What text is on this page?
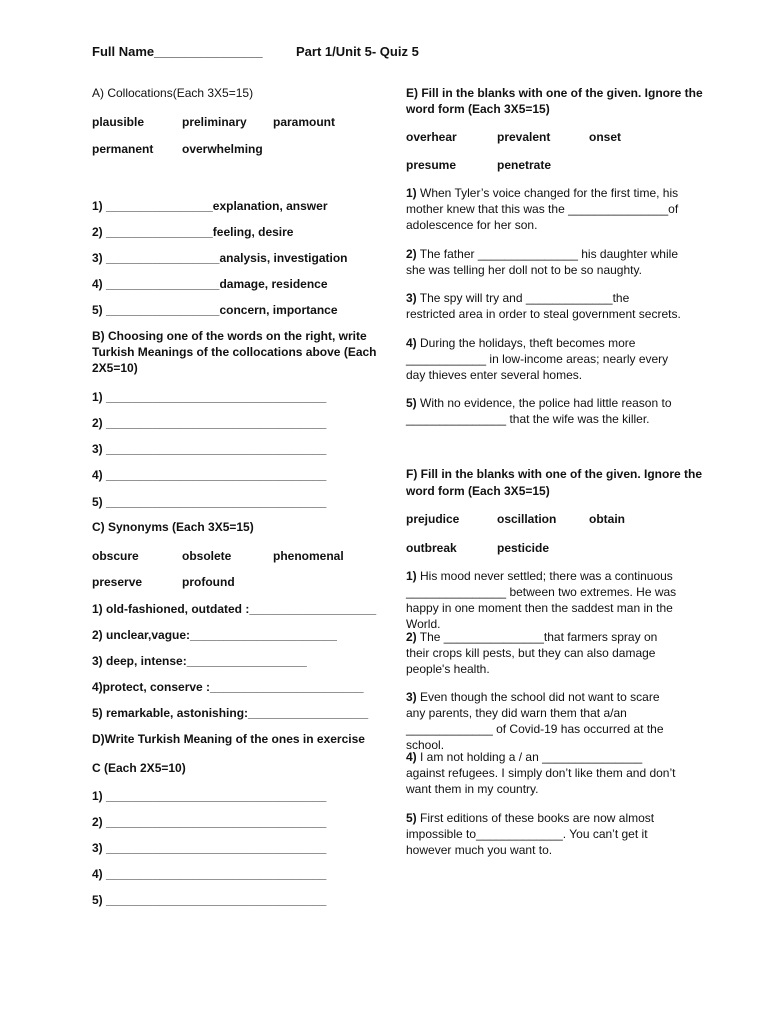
Full Name_______________	Part 1/Unit 5- Quiz 5
A) Collocations(Each 3X5=15)
plausible	preliminary paramount
permanent overwhelming
1) ________________explanation, answer
2) ________________feeling, desire
3) _________________analysis, investigation
4) _________________damage, residence
5) _________________concern, importance
B) Choosing one of the words on the right, write
Turkish Meanings of the collocations above (Each
2X5=10)
1) _________________________________
2) _________________________________
3) _________________________________
4) _________________________________
5) _________________________________
C) Synonyms (Each 3X5=15)
obscure	obsolete	phenomenal
preserve	profound
1) old-fashioned, outdated :___________________
2) unclear,vague:______________________
3) deep, intense:__________________
4)protect, conserve :_______________________
5) remarkable, astonishing:__________________
D)Write Turkish Meaning of the ones in exercise
C (Each 2X5=10)
1) _________________________________
2) _________________________________
3) _________________________________
4) _________________________________
5) _________________________________
E) Fill in the blanks with one of the given. Ignore the
word form (Each 3X5=15)
overhear	prevalent	onset
presume	penetrate
1) When Tyler’s voice changed for the first time, his mother knew that this was the _______________of adolescence for her son.
2) The father _______________ his daughter while she was telling her doll not to be so naughty.
3) The spy will try and _____________the restricted area in order to steal government secrets.
4) During the holidays, theft becomes more ____________ in low-income areas; nearly every day thieves enter several homes.
5) With no evidence, the police had little reason to _______________ that the wife was the killer.
F) Fill in the blanks with one of the given. Ignore the
word form (Each 3X5=15)
prejudice	oscillation	obtain
outbreak	pesticide
1) His mood never settled; there was a continuous _______________ between two extremes. He was happy in one moment then the saddest man in the World.
2) The _______________that farmers spray on their crops kill pests, but they can also damage people's health.
3) Even though the school did not want to scare any parents, they did warn them that a/an _____________ of Covid-19 has occurred at the school.
4) I am not holding a / an _______________ against refugees. I simply don’t like them and don’t want them in my country.
5) First editions of these books are now almost impossible to_____________. You can’t get it however much you want to.
